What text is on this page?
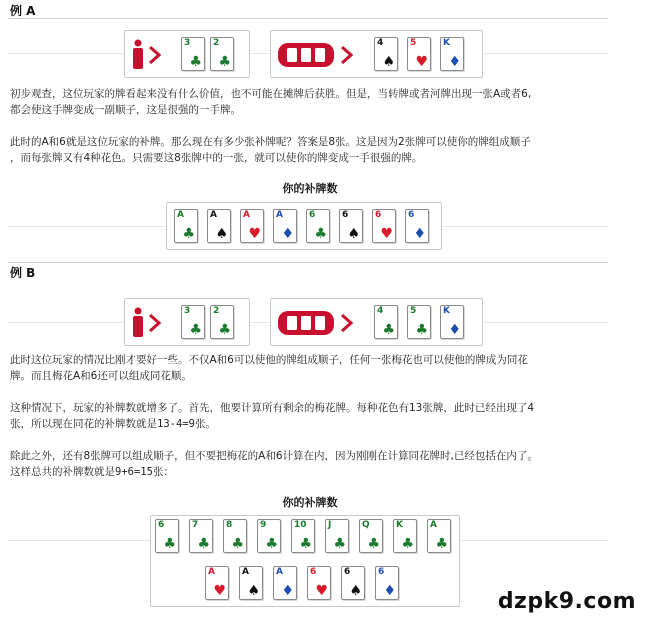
例 A
3
♣
2
♣
4
♠
5
♥
K
♦
初步观查，这位玩家的牌看起来没有什么价值，也不可能在摊牌后获胜。但是，当转牌或者河牌出现一张A或者6,
都会使这手牌变成一副顺子，这是很强的一手牌。
此时的A和6就是这位玩家的补牌。那么现在有多少张补牌呢？答案是8张。这是因为2张牌可以使你的牌组成顺子
，而每张牌又有4种花色。只需要这8张牌中的一张，就可以使你的牌变成一手很强的牌。
你的补牌数
A
♣
A
♠
A
♥
A
♦
6
♣
6
♠
6
♥
6
♦
例 B
3
♣
2
♣
4
♣
5
♣
K
♦
此时这位玩家的情况比刚才要好一些。不仅A和6可以使他的牌组成顺子，任何一张梅花也可以使他的牌成为同花
牌。而且梅花A和6还可以组成同花顺。
这种情况下，玩家的补牌数就增多了。首先，他要计算所有剩余的梅花牌。每种花色有13张牌，此时已经出现了4
张，所以现在同花的补牌数就是13-4=9张。
除此之外，还有8张牌可以组成顺子，但不要把梅花的A和6计算在内，因为刚刚在计算同花牌时,已经包括在内了。
这样总共的补牌数就是9+6=15张：
你的补牌数
6
♣
7
♣
8
♣
9
♣
10
♣
J
♣
Q
♣
K
♣
A
♣
A
♥
A
♠
A
♦
6
♥
6
♠
6
♦	dzpk9.com
